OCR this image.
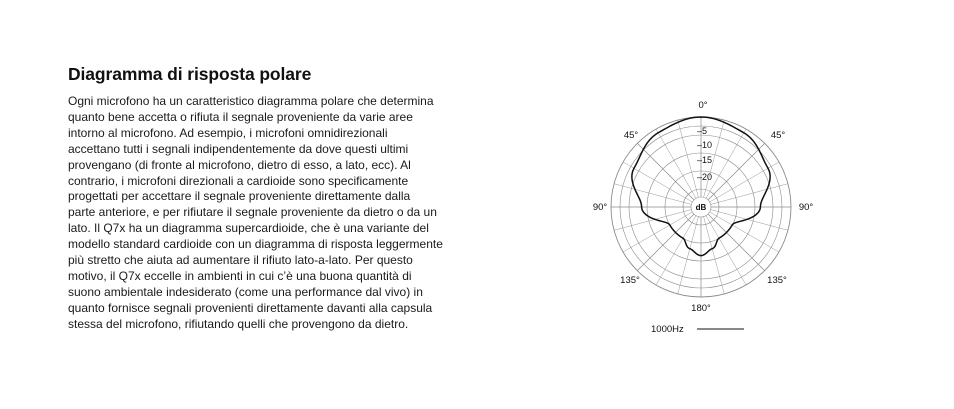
Diagramma di risposta polare

Ogni microfono ha un caratteristico diagramma polare che determina
quanto bene accetta o rifiuta il segnale proveniente da varie aree
intorno al microfono. Ad esempio, i microfoni omnidirezionali
accettano tutti i segnali indipendentemente da dove questi ultimi
provengano (di fronte al microfono, dietro di esso, a lato, ecc). Al
contrario, i microfoni direzionali a cardioide sono specificamente
progettati per accettare il segnale proveniente direttamente dalla
parte anteriore, e per rifiutare il segnale proveniente da dietro o da un
lato. Il Q7x ha un diagramma supercardioide, che è una variante del
modello standard cardioide con un diagramma di risposta leggermente
più stretto che aiuta ad aumentare il rifiuto lato-a-lato. Per questo
motivo, il Q7x eccelle in ambienti in cui c’è una buona quantità di
suono ambientale indesiderato (come una performance dal vivo) in
quanto fornisce segnali provenienti direttamente davanti alla capsula
stessa del microfono, rifiutando quelli che provengono da dietro.

0°
45°	45°
90°	90°
135°	135°
180°
–5
–10
–15
–20
dB
1000Hz
